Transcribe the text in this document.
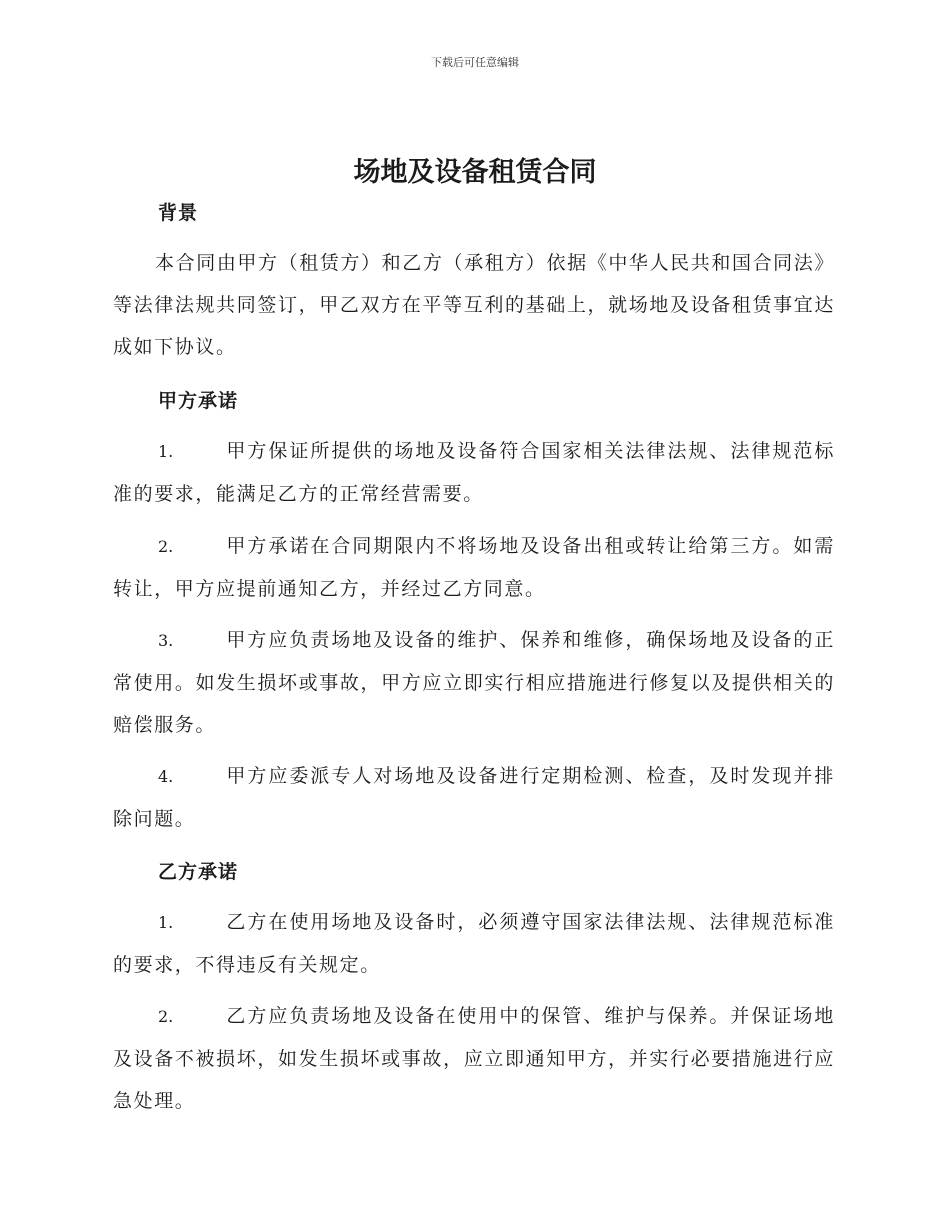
下载后可任意编辑
场地及设备租赁合同
背景
本合同由甲方（租赁方）和乙方（承租方）依据《中华人民共和国合同法》等法律法规共同签订，甲乙双方在平等互利的基础上，就场地及设备租赁事宜达成如下协议。
甲方承诺
1.	甲方保证所提供的场地及设备符合国家相关法律法规、法律规范标准的要求，能满足乙方的正常经营需要。
2.	甲方承诺在合同期限内不将场地及设备出租或转让给第三方。如需转让，甲方应提前通知乙方，并经过乙方同意。
3.	甲方应负责场地及设备的维护、保养和维修，确保场地及设备的正常使用。如发生损坏或事故，甲方应立即实行相应措施进行修复以及提供相关的赔偿服务。
4.	甲方应委派专人对场地及设备进行定期检测、检查，及时发现并排除问题。
乙方承诺
1.	乙方在使用场地及设备时，必须遵守国家法律法规、法律规范标准的要求，不得违反有关规定。
2.	乙方应负责场地及设备在使用中的保管、维护与保养。并保证场地及设备不被损坏，如发生损坏或事故，应立即通知甲方，并实行必要措施进行应急处理。
